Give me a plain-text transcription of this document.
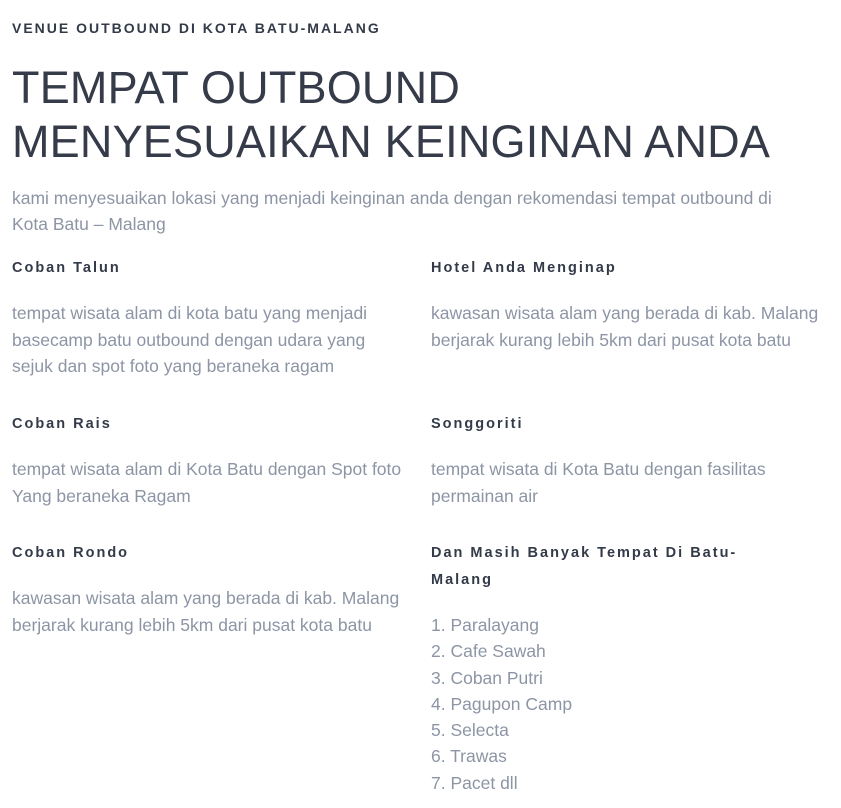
VENUE OUTBOUND DI KOTA BATU-MALANG
TEMPAT OUTBOUND MENYESUAIKAN KEINGINAN ANDA

kami menyesuaikan lokasi yang menjadi keinginan anda dengan rekomendasi tempat outbound di Kota Batu – Malang

Coban Talun

tempat wisata alam di kota batu yang menjadi basecamp batu outbound dengan udara yang sejuk dan spot foto yang beraneka ragam

Coban Rais

tempat wisata alam di Kota Batu dengan Spot foto Yang beraneka Ragam

Coban Rondo

kawasan wisata alam yang berada di kab. Malang berjarak kurang lebih 5km dari pusat kota batu

Hotel Anda Menginap

kawasan wisata alam yang berada di kab. Malang berjarak kurang lebih 5km dari pusat kota batu

Songgoriti

tempat wisata di Kota Batu dengan fasilitas permainan air

Dan Masih Banyak Tempat Di Batu-Malang
1. Paralayang
2. Cafe Sawah
3. Coban Putri
4. Pagupon Camp
5. Selecta
6. Trawas
7. Pacet dll
